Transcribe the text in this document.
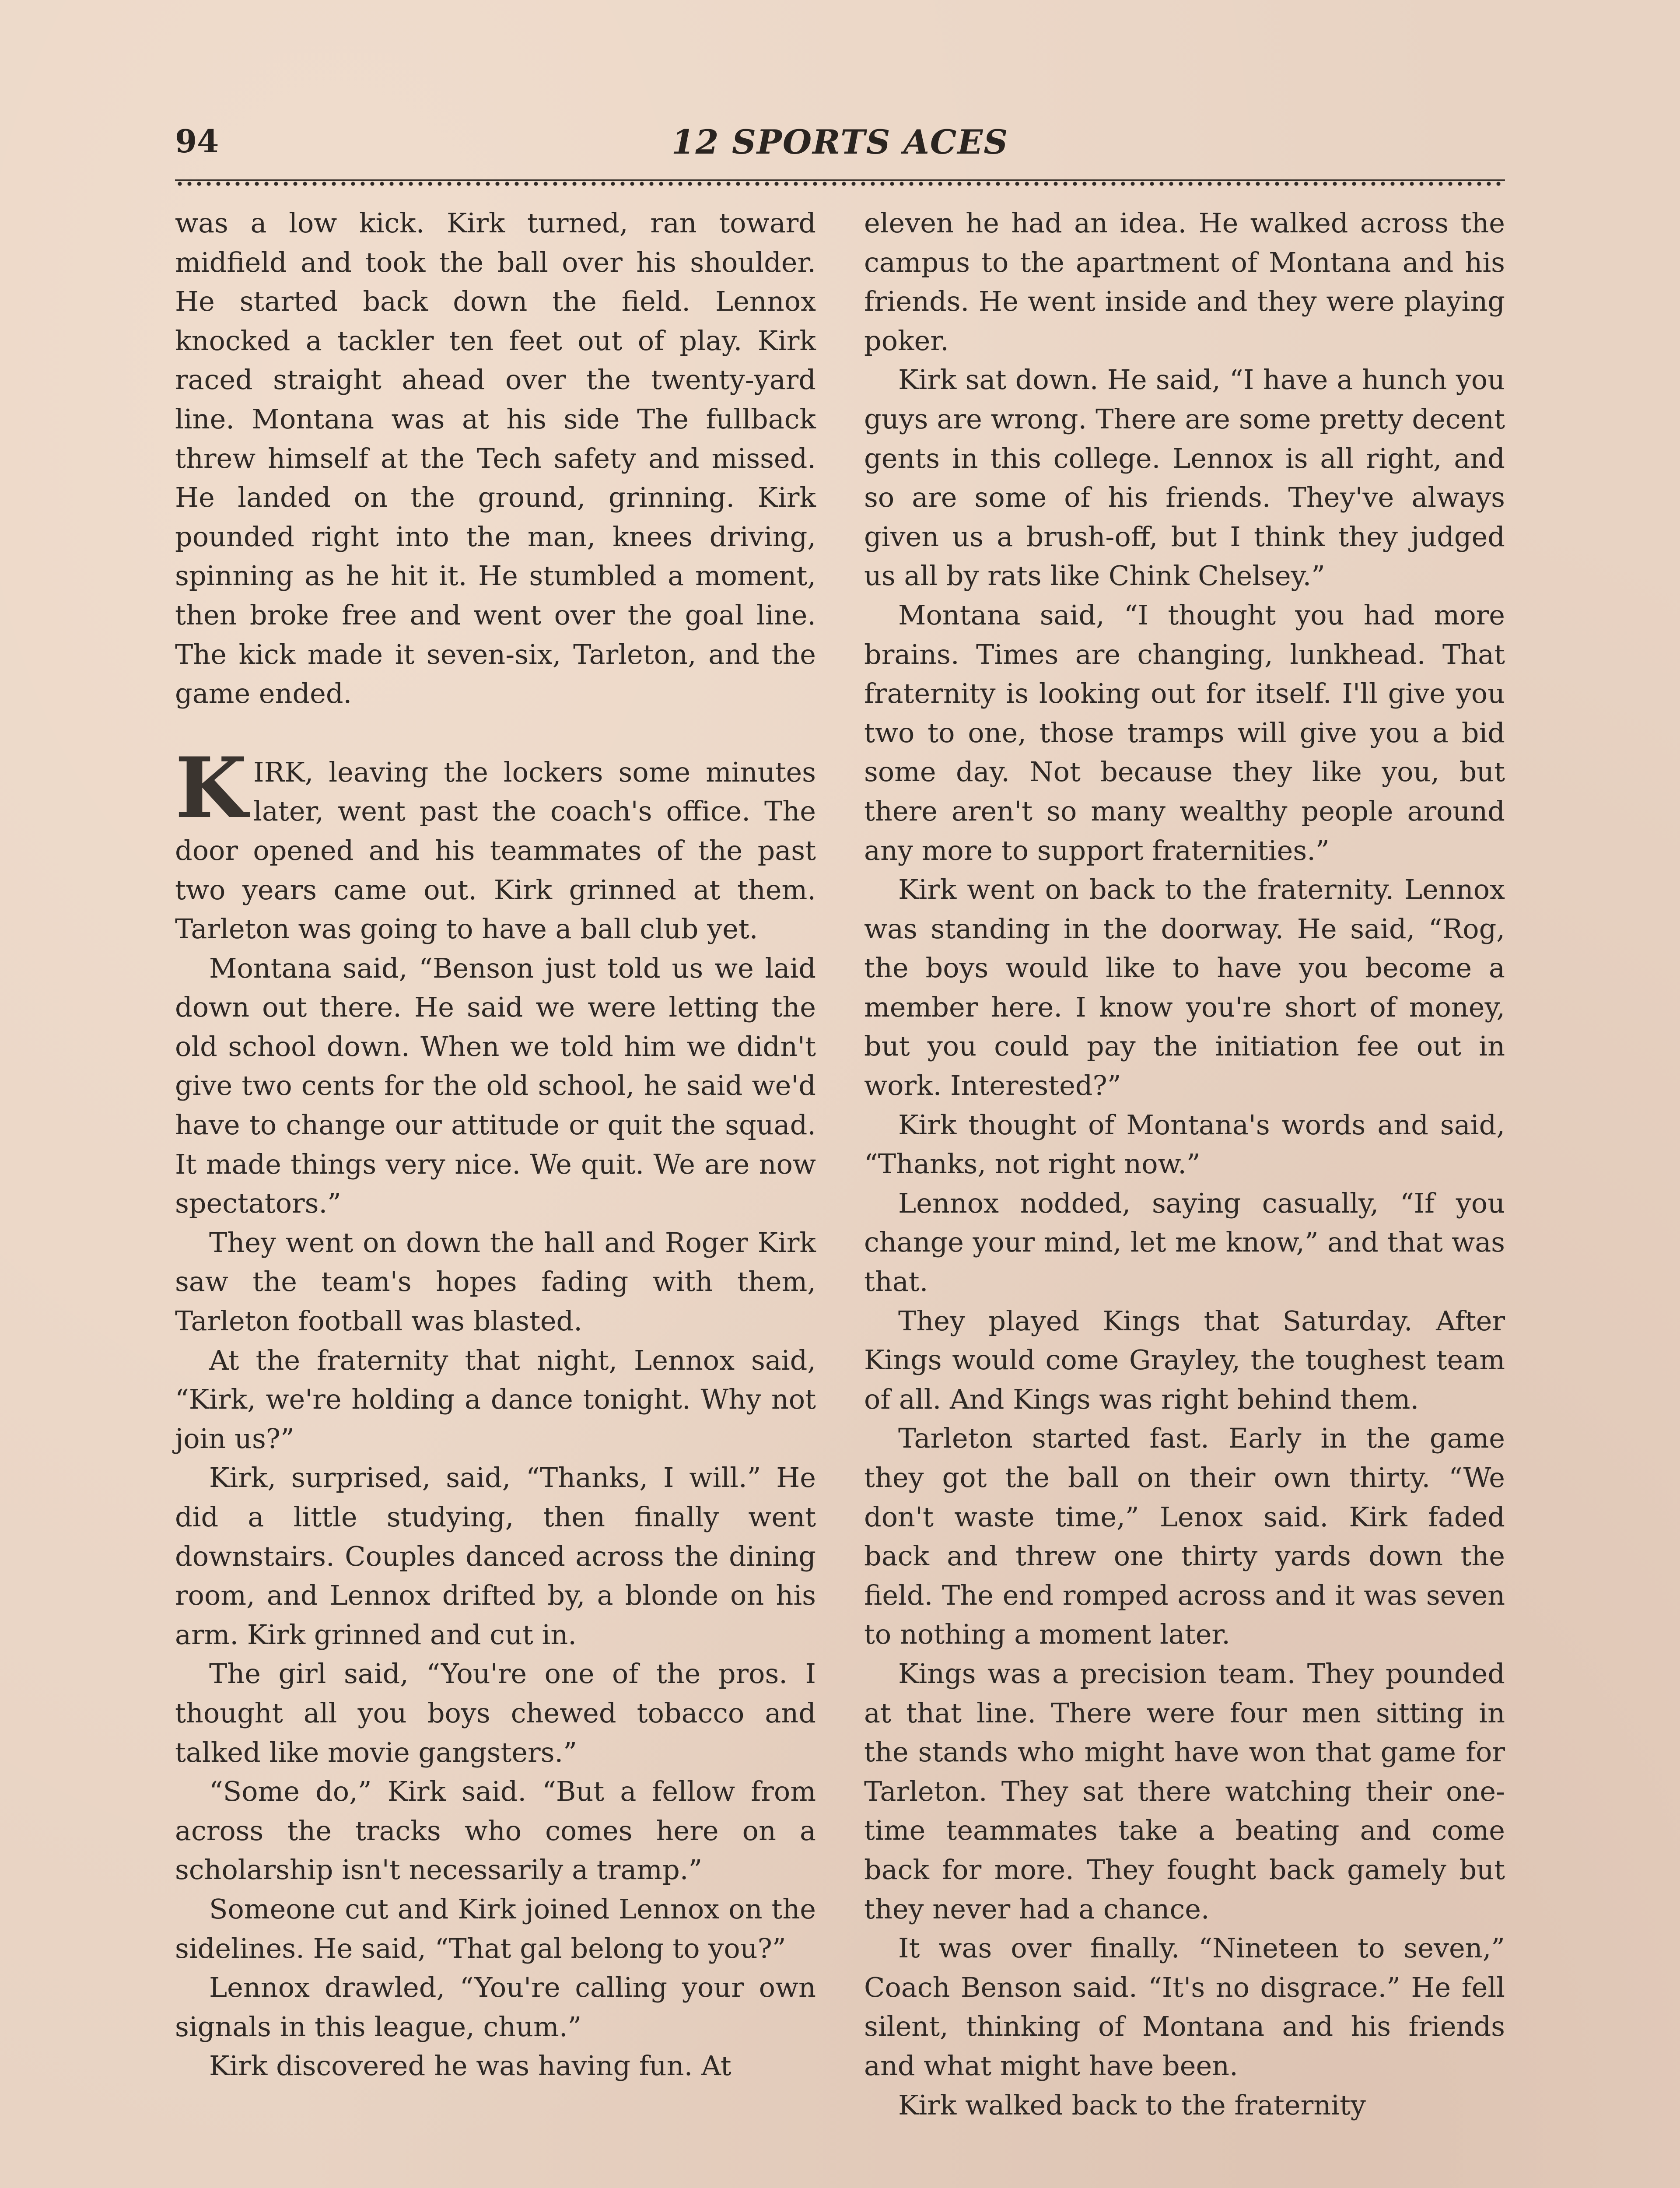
94	12 SPORTS ACES

was a low kick. Kirk turned, ran toward midfield and took the ball over his shoulder. He started back down the field. Lennox knocked a tackler ten feet out of play. Kirk raced straight ahead over the twenty-yard line. Montana was at his side The fullback threw himself at the Tech safety and missed. He landed on the ground, grinning. Kirk pounded right into the man, knees driving, spinning as he hit it. He stumbled a moment, then broke free and went over the goal line. The kick made it seven-six, Tarleton, and the game ended.

KIRK, leaving the lockers some minutes later, went past the coach's office. The door opened and his teammates of the past two years came out. Kirk grinned at them. Tarleton was going to have a ball club yet.

Montana said, “Benson just told us we laid down out there. He said we were letting the old school down. When we told him we didn't give two cents for the old school, he said we'd have to change our attitude or quit the squad. It made things very nice. We quit. We are now spectators.”

They went on down the hall and Roger Kirk saw the team's hopes fading with them, Tarleton football was blasted.

At the fraternity that night, Lennox said, “Kirk, we're holding a dance tonight. Why not join us?”

Kirk, surprised, said, “Thanks, I will.” He did a little studying, then finally went downstairs. Couples danced across the dining room, and Lennox drifted by, a blonde on his arm. Kirk grinned and cut in.

The girl said, “You're one of the pros. I thought all you boys chewed tobacco and talked like movie gangsters.”

“Some do,” Kirk said. “But a fellow from across the tracks who comes here on a scholarship isn't necessarily a tramp.”

Someone cut and Kirk joined Lennox on the sidelines. He said, “That gal belong to you?”

Lennox drawled, “You're calling your own signals in this league, chum.”

Kirk discovered he was having fun. At

eleven he had an idea. He walked across the campus to the apartment of Montana and his friends. He went inside and they were playing poker.

Kirk sat down. He said, “I have a hunch you guys are wrong. There are some pretty decent gents in this college. Lennox is all right, and so are some of his friends. They've always given us a brush-off, but I think they judged us all by rats like Chink Chelsey.”

Montana said, “I thought you had more brains. Times are changing, lunkhead. That fraternity is looking out for itself. I'll give you two to one, those tramps will give you a bid some day. Not because they like you, but there aren't so many wealthy people around any more to support fraternities.”

Kirk went on back to the fraternity. Lennox was standing in the doorway. He said, “Rog, the boys would like to have you become a member here. I know you're short of money, but you could pay the initiation fee out in work. Interested?”

Kirk thought of Montana's words and said, “Thanks, not right now.”

Lennox nodded, saying casually, “If you change your mind, let me know,” and that was that.

They played Kings that Saturday. After Kings would come Grayley, the toughest team of all. And Kings was right behind them.

Tarleton started fast. Early in the game they got the ball on their own thirty. “We don't waste time,” Lenox said. Kirk faded back and threw one thirty yards down the field. The end romped across and it was seven to nothing a moment later.

Kings was a precision team. They pounded at that line. There were four men sitting in the stands who might have won that game for Tarleton. They sat there watching their one-time teammates take a beating and come back for more. They fought back gamely but they never had a chance.

It was over finally. “Nineteen to seven,” Coach Benson said. “It's no disgrace.” He fell silent, thinking of Montana and his friends and what might have been.

Kirk walked back to the fraternity
